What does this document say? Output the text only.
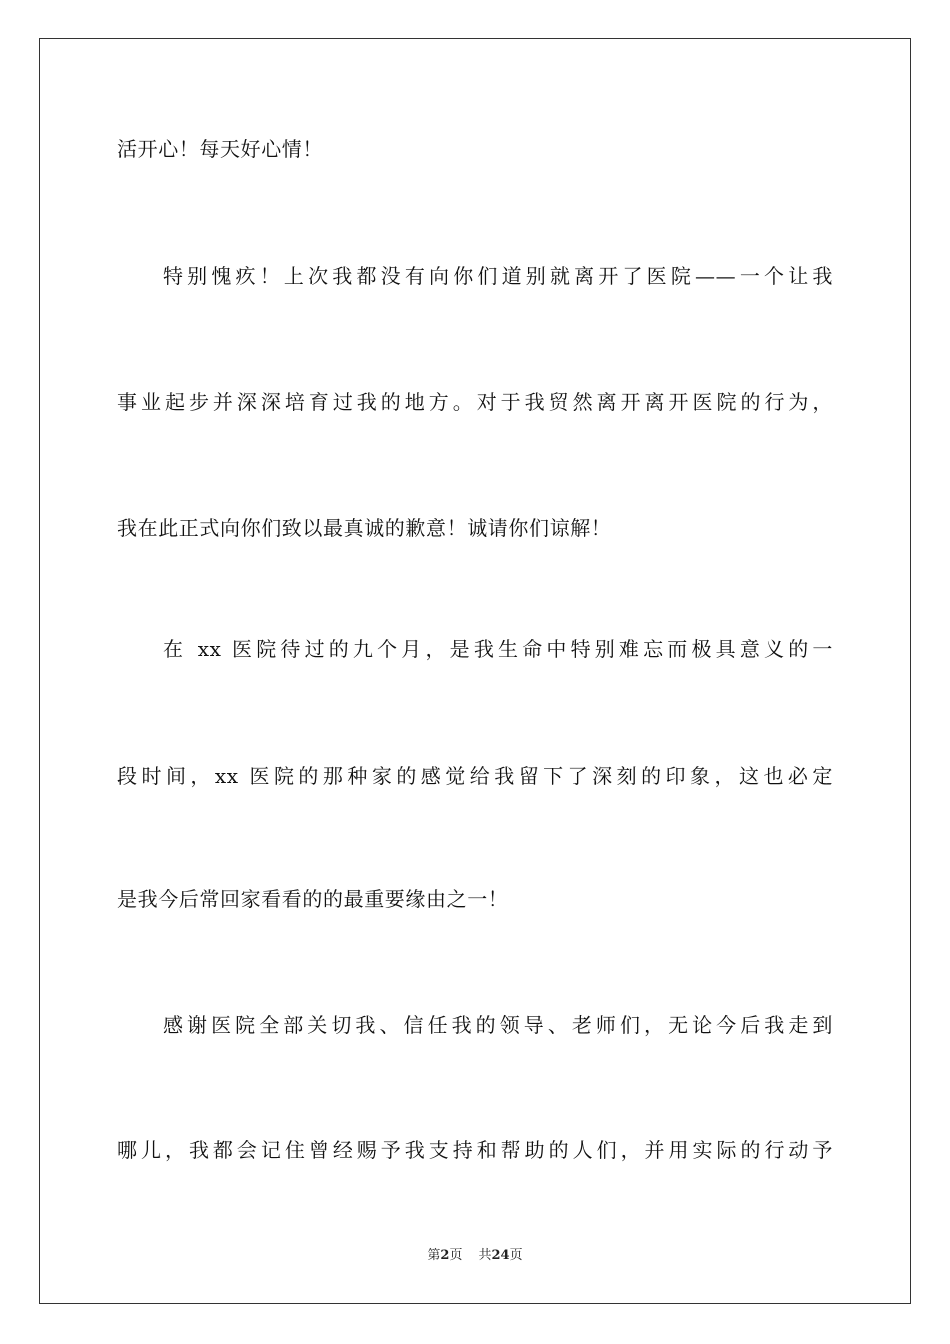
活开心！每天好心情！
特别愧疚！上次我都没有向你们道别就离开了医院——一个让我
事业起步并深深培育过我的地方。对于我贸然离开离开医院的行为，
我在此正式向你们致以最真诚的歉意！诚请你们谅解！
在 xx 医院待过的九个月，是我生命中特别难忘而极具意义的一
段时间，xx 医院的那种家的感觉给我留下了深刻的印象，这也必定
是我今后常回家看看的的最重要缘由之一！
感谢医院全部关切我、信任我的领导、老师们，无论今后我走到
哪儿，我都会记住曾经赐予我支持和帮助的人们，并用实际的行动予
第2页 共24页
